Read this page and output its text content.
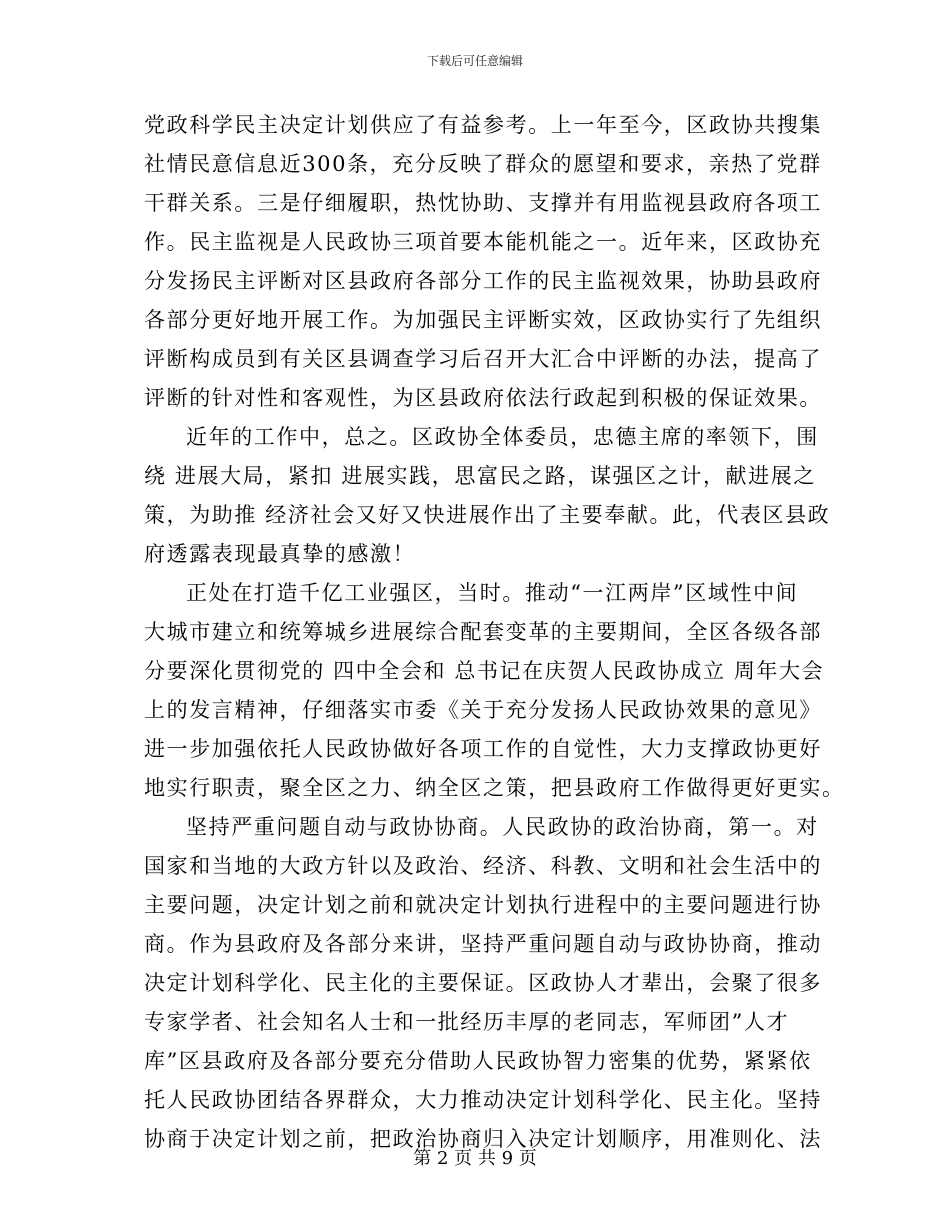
下载后可任意编辑
党政科学民主决定计划供应了有益参考。上一年至今，区政协共搜集
社情民意信息近300条，充分反映了群众的愿望和要求，亲热了党群
干群关系。三是仔细履职，热忱协助、支撑并有用监视县政府各项工
作。民主监视是人民政协三项首要本能机能之一。近年来，区政协充
分发扬民主评断对区县政府各部分工作的民主监视效果，协助县政府
各部分更好地开展工作。为加强民主评断实效，区政协实行了先组织
评断构成员到有关区县调查学习后召开大汇合中评断的办法，提高了
评断的针对性和客观性，为区县政府依法行政起到积极的保证效果。
近年的工作中，总之。区政协全体委员，忠德主席的率领下，围
绕 进展大局，紧扣 进展实践，思富民之路，谋强区之计，献进展之
策，为助推 经济社会又好又快进展作出了主要奉献。此，代表区县政
府透露表现最真挚的感激！
正处在打造千亿工业强区，当时。推动“一江两岸”区域性中间
大城市建立和统筹城乡进展综合配套变革的主要期间，全区各级各部
分要深化贯彻党的 四中全会和 总书记在庆贺人民政协成立 周年大会
上的发言精神，仔细落实市委《关于充分发扬人民政协效果的意见》
进一步加强依托人民政协做好各项工作的自觉性，大力支撑政协更好
地实行职责，聚全区之力、纳全区之策，把县政府工作做得更好更实。
坚持严重问题自动与政协协商。人民政协的政治协商，第一。对
国家和当地的大政方针以及政治、经济、科教、文明和社会生活中的
主要问题，决定计划之前和就决定计划执行进程中的主要问题进行协
商。作为县政府及各部分来讲，坚持严重问题自动与政协协商，推动
决定计划科学化、民主化的主要保证。区政协人才辈出，会聚了很多
专家学者、社会知名人士和一批经历丰厚的老同志，军师团”人才
库”区县政府及各部分要充分借助人民政协智力密集的优势，紧紧依
托人民政协团结各界群众，大力推动决定计划科学化、民主化。坚持
协商于决定计划之前，把政治协商归入决定计划顺序，用准则化、法
第 2 页 共 9 页
